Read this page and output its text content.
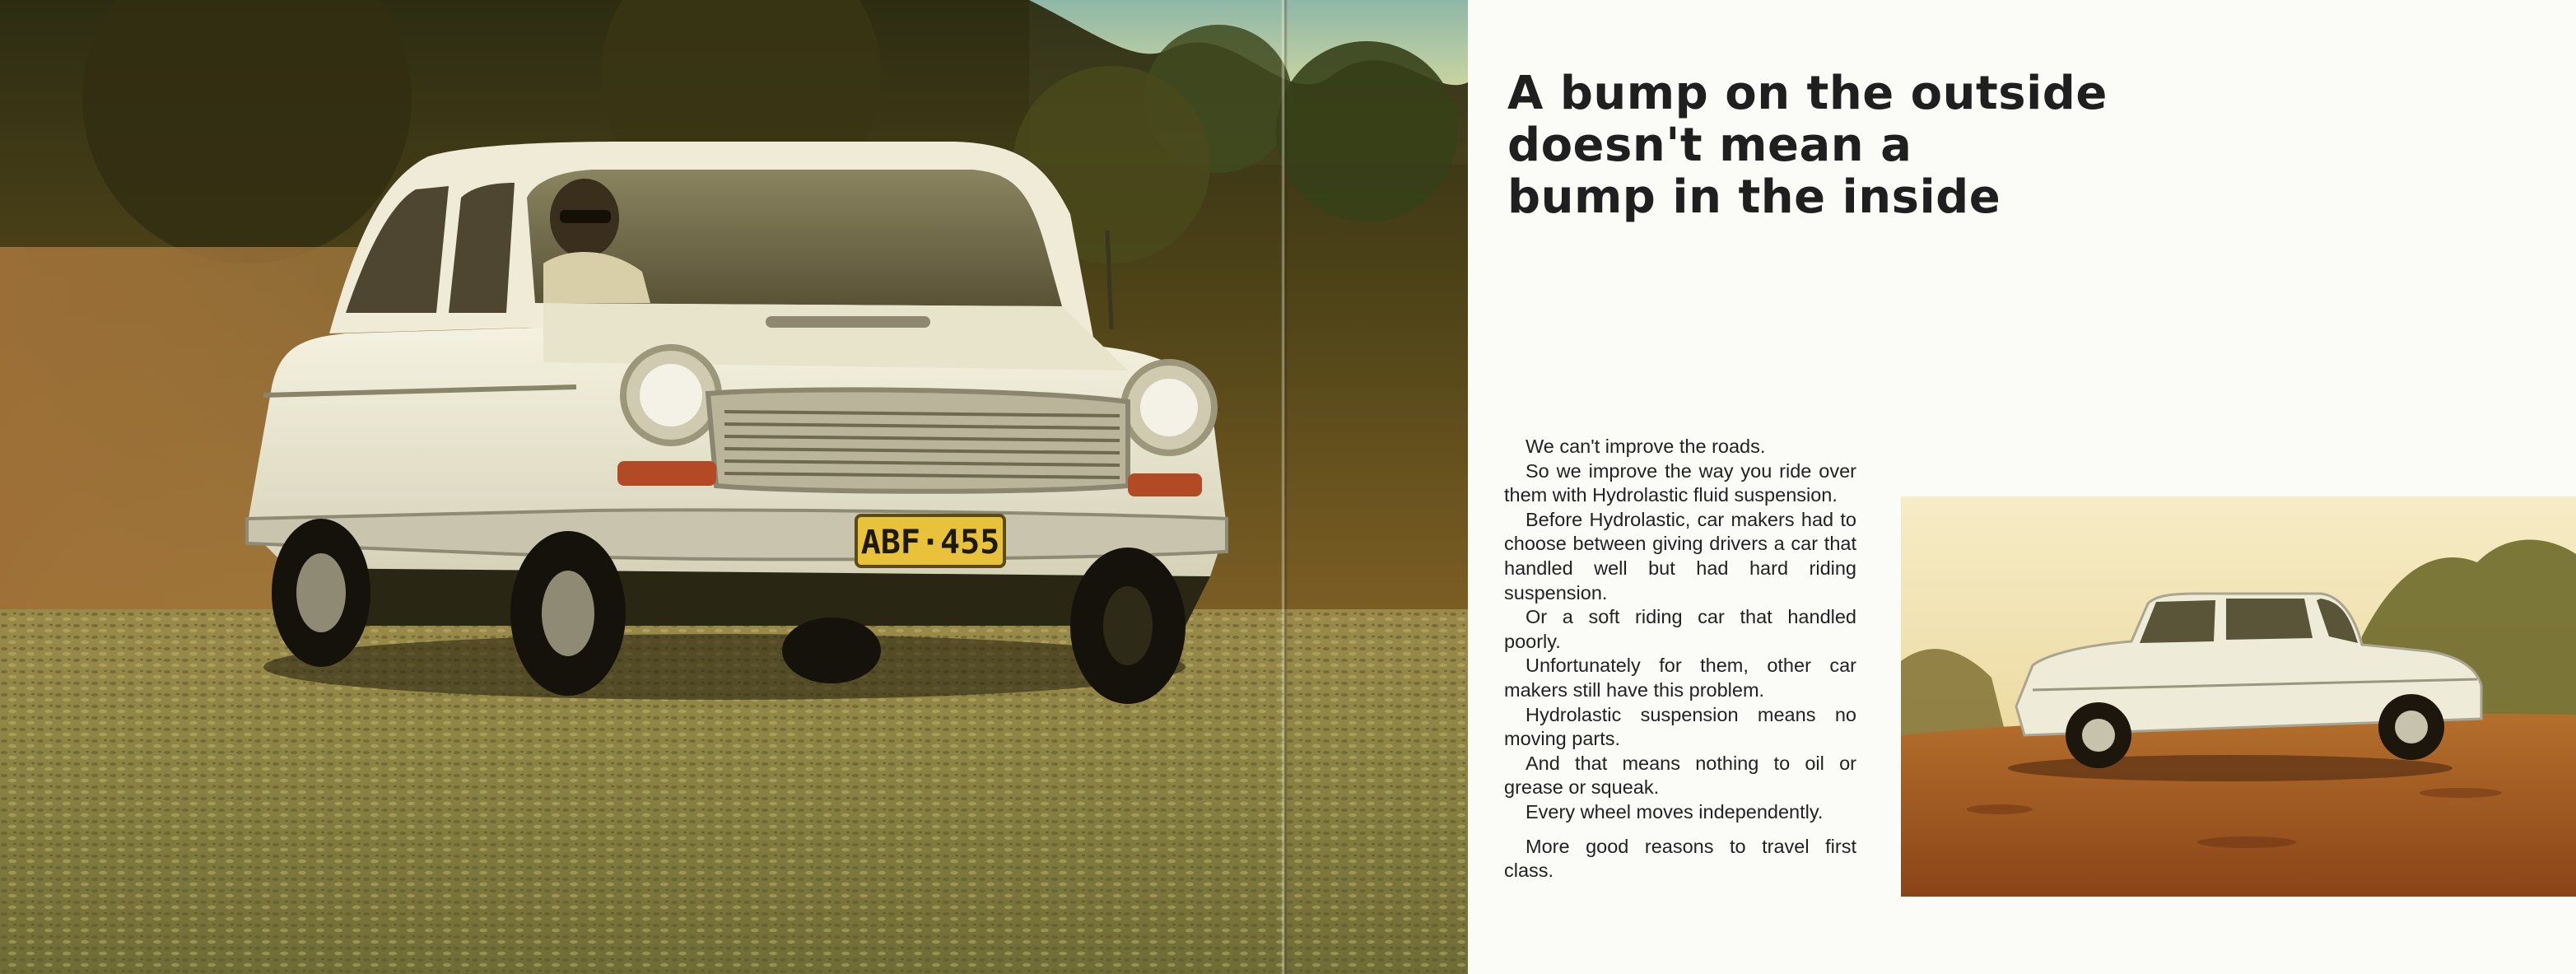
ABF·455
A bump on the outside
doesn't mean a
bump in the inside

We can't improve the roads.

So we improve the way you ride over them with Hydrolastic fluid suspension.

Before Hydrolastic, car makers had to choose between giving drivers a car that handled well but had hard riding suspension.

Or a soft riding car that handled poorly.

Unfortunately for them, other car makers still have this problem.

Hydrolastic suspension means no moving parts.

And that means nothing to oil or grease or squeak.

Every wheel moves independently.

More good reasons to travel first class.
